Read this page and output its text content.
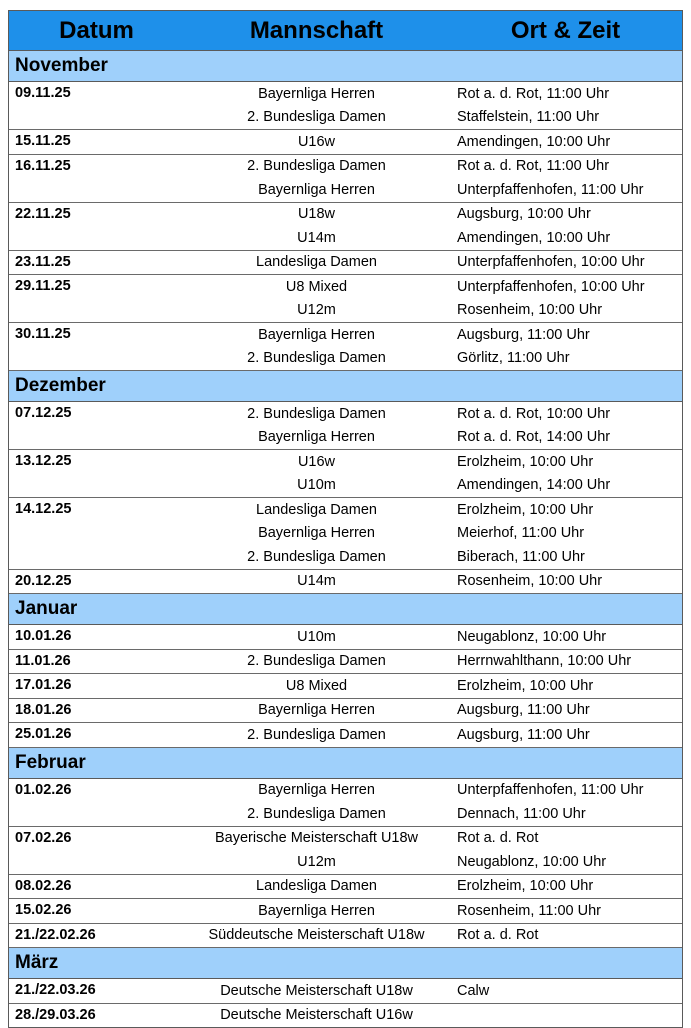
Datum	Mannschaft	Ort & Zeit
November
09.11.25	Bayernliga Herren	Rot a. d. Rot, 11:00 Uhr
2. Bundesliga Damen	Staffelstein, 11:00 Uhr
15.11.25	U16w	Amendingen, 10:00 Uhr
16.11.25	2. Bundesliga Damen	Rot a. d. Rot, 11:00 Uhr
Bayernliga Herren	Unterpfaffenhofen, 11:00 Uhr
22.11.25	U18w	Augsburg, 10:00 Uhr
U14m	Amendingen, 10:00 Uhr
23.11.25	Landesliga Damen	Unterpfaffenhofen, 10:00 Uhr
29.11.25	U8 Mixed	Unterpfaffenhofen, 10:00 Uhr
U12m	Rosenheim, 10:00 Uhr
30.11.25	Bayernliga Herren	Augsburg, 11:00 Uhr
2. Bundesliga Damen	Görlitz, 11:00 Uhr
Dezember
07.12.25	2. Bundesliga Damen	Rot a. d. Rot, 10:00 Uhr
Bayernliga Herren	Rot a. d. Rot, 14:00 Uhr
13.12.25	U16w	Erolzheim, 10:00 Uhr
U10m	Amendingen, 14:00 Uhr
14.12.25	Landesliga Damen	Erolzheim, 10:00 Uhr
Bayernliga Herren	Meierhof, 11:00 Uhr
2. Bundesliga Damen	Biberach, 11:00 Uhr
20.12.25	U14m	Rosenheim, 10:00 Uhr
Januar
10.01.26	U10m	Neugablonz, 10:00 Uhr
11.01.26	2. Bundesliga Damen	Herrnwahlthann, 10:00 Uhr
17.01.26	U8 Mixed	Erolzheim, 10:00 Uhr
18.01.26	Bayernliga Herren	Augsburg, 11:00 Uhr
25.01.26	2. Bundesliga Damen	Augsburg, 11:00 Uhr
Februar
01.02.26	Bayernliga Herren	Unterpfaffenhofen, 11:00 Uhr
2. Bundesliga Damen	Dennach, 11:00 Uhr
07.02.26	Bayerische Meisterschaft U18w	Rot a. d. Rot
U12m	Neugablonz, 10:00 Uhr
08.02.26	Landesliga Damen	Erolzheim, 10:00 Uhr
15.02.26	Bayernliga Herren	Rosenheim, 11:00 Uhr
21./22.02.26	Süddeutsche Meisterschaft U18w	Rot a. d. Rot
März
21./22.03.26	Deutsche Meisterschaft U18w	Calw
28./29.03.26	Deutsche Meisterschaft U16w
